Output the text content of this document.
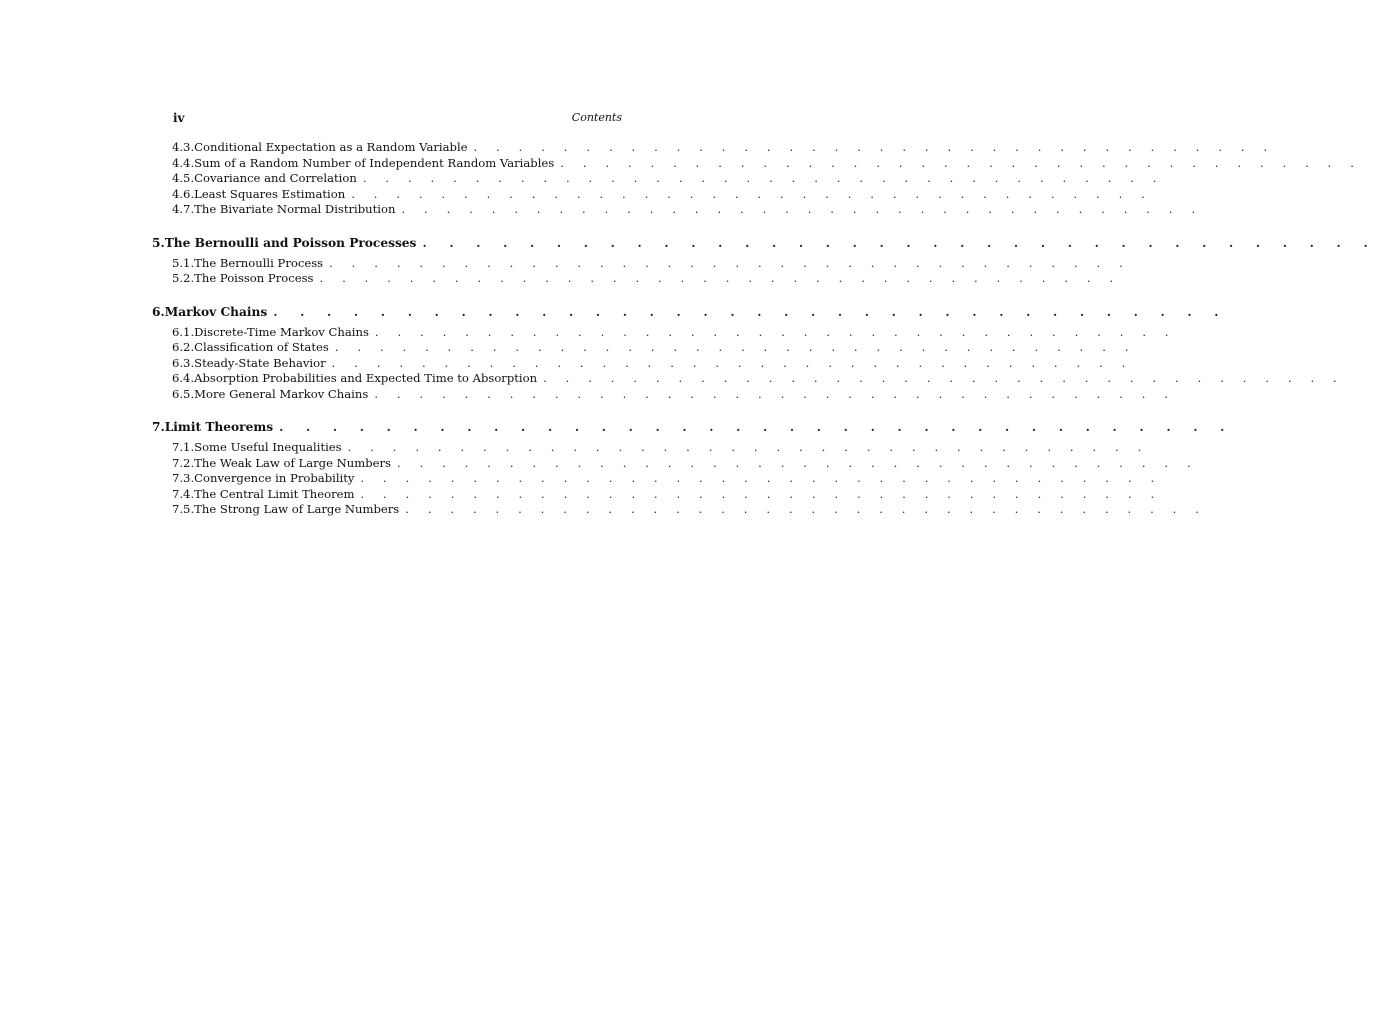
iv	Contents
4.3. Conditional Expectation as a Random Variable . . . . . . . . . . . . . . . . . . . . . . . . . . . . . . . . . . . .
4.4. Sum of a Random Number of Independent Random Variables . . . . . . . . . . . . . . . . . . . . . . . . . . . . . . . . . . . .
4.5. Covariance and Correlation . . . . . . . . . . . . . . . . . . . . . . . . . . . . . . . . . . . .
4.6. Least Squares Estimation . . . . . . . . . . . . . . . . . . . . . . . . . . . . . . . . . . . .
4.7. The Bivariate Normal Distribution . . . . . . . . . . . . . . . . . . . . . . . . . . . . . . . . . . . .
5. The Bernoulli and Poisson Processes . . . . . . . . . . . . . . . . . . . . . . . . . . . . . . . . . . . .
5.1. The Bernoulli Process . . . . . . . . . . . . . . . . . . . . . . . . . . . . . . . . . . . .
5.2. The Poisson Process . . . . . . . . . . . . . . . . . . . . . . . . . . . . . . . . . . . .
6. Markov Chains . . . . . . . . . . . . . . . . . . . . . . . . . . . . . . . . . . . .
6.1. Discrete-Time Markov Chains . . . . . . . . . . . . . . . . . . . . . . . . . . . . . . . . . . . .
6.2. Classification of States . . . . . . . . . . . . . . . . . . . . . . . . . . . . . . . . . . . .
6.3. Steady-State Behavior . . . . . . . . . . . . . . . . . . . . . . . . . . . . . . . . . . . .
6.4. Absorption Probabilities and Expected Time to Absorption . . . . . . . . . . . . . . . . . . . . . . . . . . . . . . . . . . . .
6.5. More General Markov Chains . . . . . . . . . . . . . . . . . . . . . . . . . . . . . . . . . . . .
7. Limit Theorems . . . . . . . . . . . . . . . . . . . . . . . . . . . . . . . . . . . .
7.1. Some Useful Inequalities . . . . . . . . . . . . . . . . . . . . . . . . . . . . . . . . . . . .
7.2. The Weak Law of Large Numbers . . . . . . . . . . . . . . . . . . . . . . . . . . . . . . . . . . . .
7.3. Convergence in Probability . . . . . . . . . . . . . . . . . . . . . . . . . . . . . . . . . . . .
7.4. The Central Limit Theorem . . . . . . . . . . . . . . . . . . . . . . . . . . . . . . . . . . . .
7.5. The Strong Law of Large Numbers . . . . . . . . . . . . . . . . . . . . . . . . . . . . . . . . . . . .
